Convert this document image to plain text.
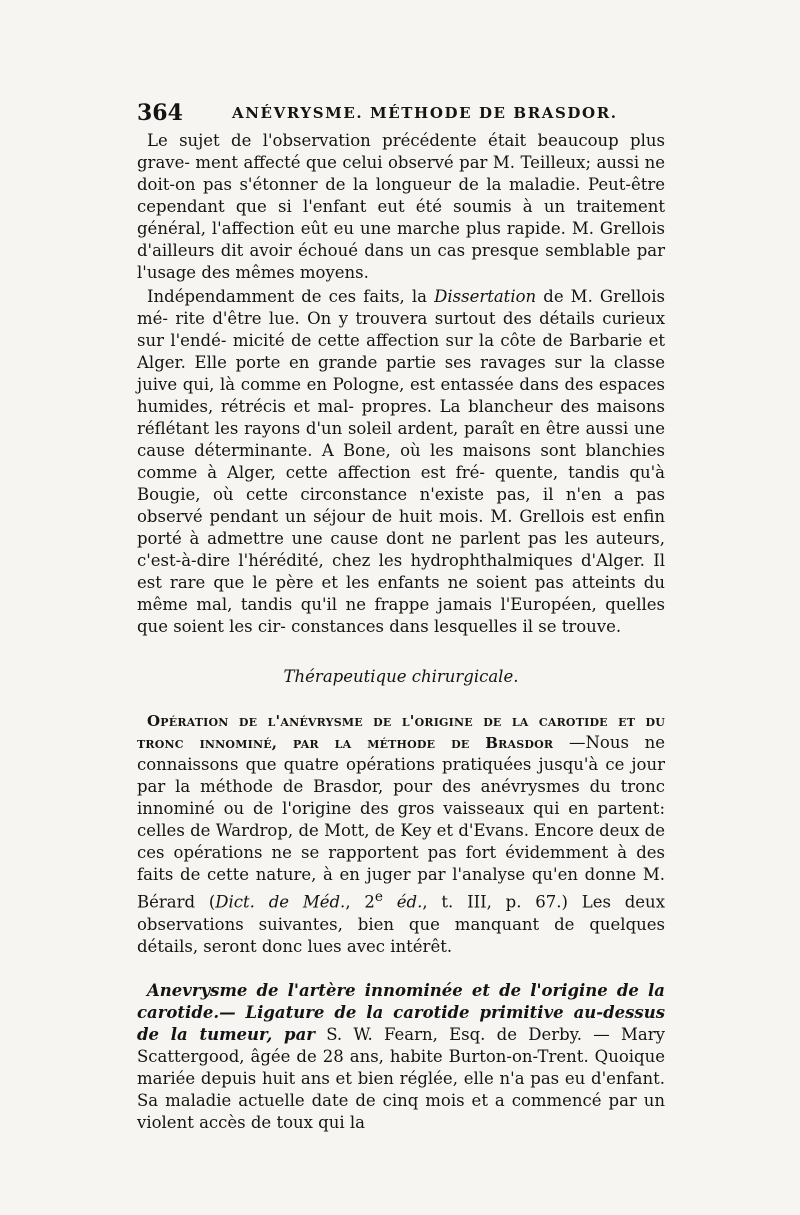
364	ANÉVRYSME. MÉTHODE DE BRASDOR.

Le sujet de l'observation précédente était beaucoup plus grave- ment affecté que celui observé par M. Teilleux; aussi ne doit-on pas s'étonner de la longueur de la maladie. Peut-être cependant que si l'enfant eut été soumis à un traitement général, l'affection eût eu une marche plus rapide. M. Grellois d'ailleurs dit avoir échoué dans un cas presque semblable par l'usage des mêmes moyens.

Indépendamment de ces faits, la Dissertation de M. Grellois mé- rite d'être lue. On y trouvera surtout des détails curieux sur l'endé- micité de cette affection sur la côte de Barbarie et Alger. Elle porte en grande partie ses ravages sur la classe juive qui, là comme en Pologne, est entassée dans des espaces humides, rétrécis et mal- propres. La blancheur des maisons réflétant les rayons d'un soleil ardent, paraît en être aussi une cause déterminante. A Bone, où les maisons sont blanchies comme à Alger, cette affection est fré- quente, tandis qu'à Bougie, où cette circonstance n'existe pas, il n'en a pas observé pendant un séjour de huit mois. M. Grellois est enfin porté à admettre une cause dont ne parlent pas les auteurs, c'est-à-dire l'hérédité, chez les hydrophthalmiques d'Alger. Il est rare que le père et les enfants ne soient pas atteints du même mal, tandis qu'il ne frappe jamais l'Européen, quelles que soient les cir- constances dans lesquelles il se trouve.

Thérapeutique chirurgicale.

Opération de l'anévrysme de l'origine de la carotide et du tronc innominé, par la méthode de Brasdor —Nous ne connaissons que quatre opérations pratiquées jusqu'à ce jour par la méthode de Brasdor, pour des anévrysmes du tronc innominé ou de l'origine des gros vaisseaux qui en partent: celles de Wardrop, de Mott, de Key et d'Evans. Encore deux de ces opérations ne se rapportent pas fort évidemment à des faits de cette nature, à en juger par l'analyse qu'en donne M. Bérard (Dict. de Méd., 2e éd., t. III, p. 67.) Les deux observations suivantes, bien que manquant de quelques détails, seront donc lues avec intérêt.

Anevrysme de l'artère innominée et de l'origine de la carotide.— Ligature de la carotide primitive au-dessus de la tumeur, par S. W. Fearn, Esq. de Derby. — Mary Scattergood, âgée de 28 ans, habite Burton-on-Trent. Quoique mariée depuis huit ans et bien réglée, elle n'a pas eu d'enfant. Sa maladie actuelle date de cinq mois et a commencé par un violent accès de toux qui la
